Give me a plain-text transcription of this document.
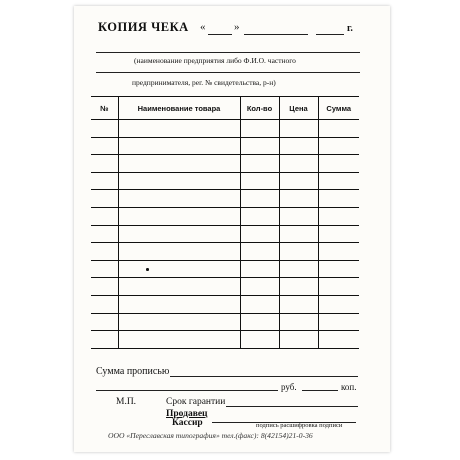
КОПИЯ ЧЕКА «	»	г.
(наименование предприятия либо Ф.И.О. частного
предпринимателя, рег. № свидетельства, р-н)
№	Наименование товара	Кол-во	Цена	Сумма

Сумма прописью
руб.	коп.
М.П.	Срок гарантии
Продавец
Кассир	подпись расшифровка подписи
ООО «Переславская типография» тел.(факс): 8(42154)21-0-36
